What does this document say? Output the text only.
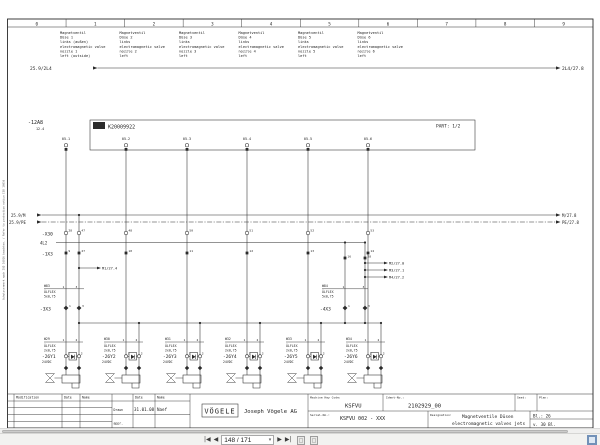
0	1	2	3	4	5	6	7	8	9
Schutzvermerk nach ISO 16016 beachten. / Refer to protection notice ISO 16016
Magnetventil
Düse 1
links (außen)
electromagnetic valve
nozzle 1
left (outside)
Magnetventil
Düse 2
links
electromagnetic valve
nozzle 2
left
Magnetventil
Düse 3
links
electromagnetic valve
nozzle 3
left
Magnetventil
Düse 4
links
electromagnetic valve
nozzle 4
left
Magnetventil
Düse 5
links
electromagnetic valve
nozzle 5
left
Magnetventil
Düse 6
links
electromagnetic valve
nozzle 6
left
25.9/2L4	2L4/27.8
-12A8
12.4	K20009922	PART: 1/2
05-1	05-2	05-3	05-4	05-5	05-6
25.9/M	M/27.8
25.9/PE	PE/27.8
-X30
28	47	48	50	51	52	53
4L2
-1X3
9	27	10	11	12	13	14
M1/27.4
16	28
M2/27.0
M3/27.1
M4/27.2
W83	1	3
ÖLFLEX
5x0,75
W84	1	3
ÖLFLEX
5x0,75
-3X3
1	3
-4X3
1	3
W29	1	2
ÖLFLEX
2x0,75
1	2
-26Y1
24VDC
W30	1	2
ÖLFLEX
2x0,75
1	2
-26Y2
24VDC
W31	1	2
ÖLFLEX
2x0,75
1	2
-26Y3
24VDC
W32	1	2
ÖLFLEX
2x0,75
1	2
-26Y4
24VDC
W33	1	2
ÖLFLEX
2x0,75
1	2
-26Y5
24VDC
W34	1	2
ÖLFLEX
2x0,75
1	2
-26Y6
24VDC
Modification	Date	Name	Date	Name
Drawn	31.01.08 Naef
appr.
VÖGELE Joseph Vögele AG
Machine Key Code:
KSFVU
Ident-No.:
2102929_00
Seat:	Plan:
Serial-No.:
KSFVU 002 - XXX
Designation: Magnetventile Düsen
electromagnetic valves jets
Bl.: 26
v. 30 Bl.
|◀ ◀ 148 / 171	▾ ▶ ▶|
